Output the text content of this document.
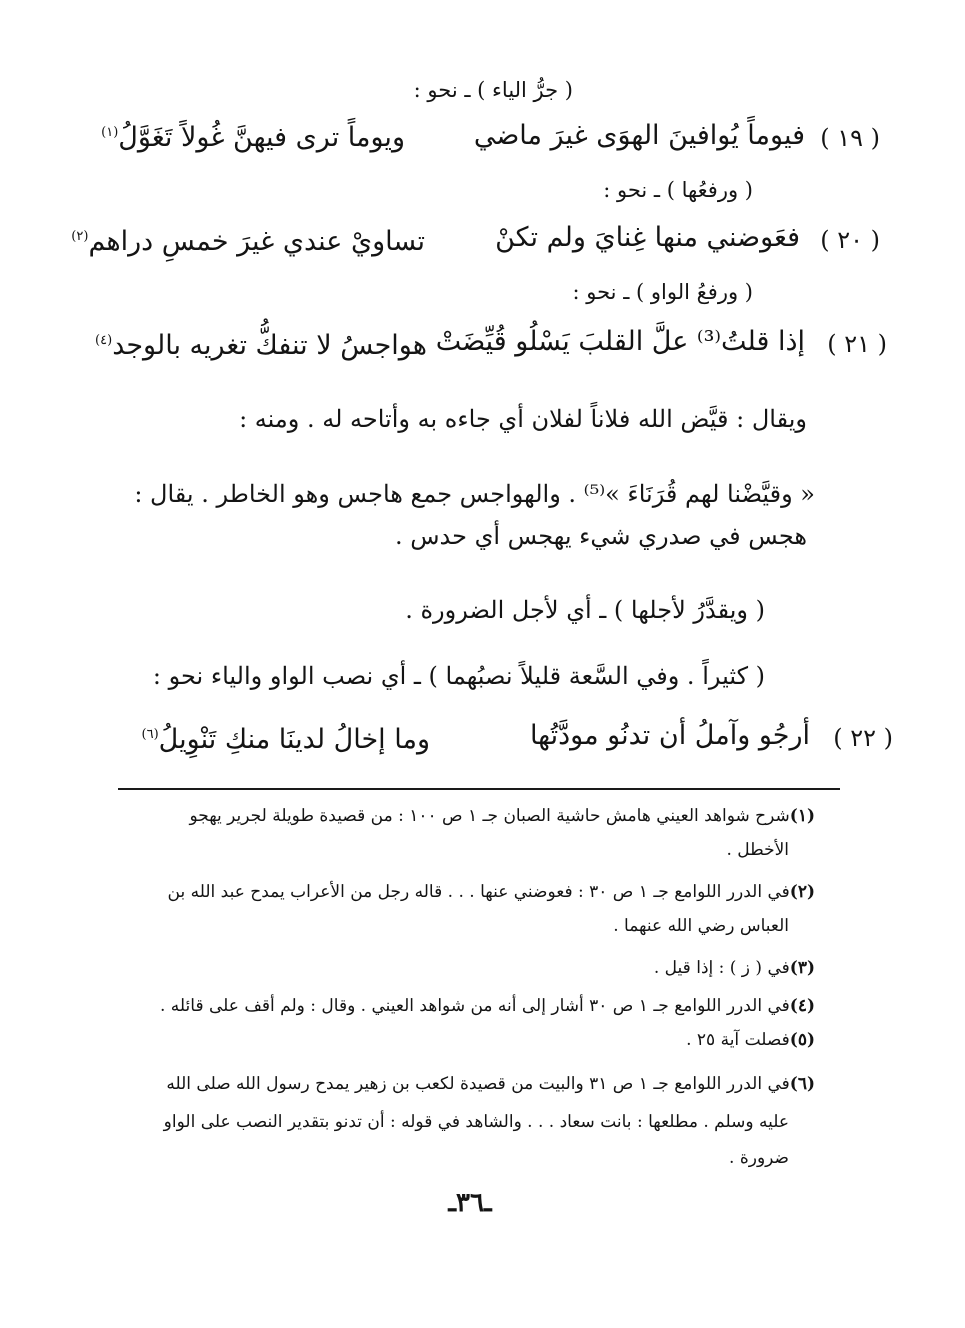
( جرُّ الياء ) ـ نحو :
( ١٩ )
فيوماً يُوافينَ الهوَى غيرَ ماضي
ويوماً ترى فيهنَّ غُولاً تَغَوَّلُ$^{(١)}$
( ورفعُها ) ـ نحو :
( ٢٠ )
فعَوضني منها غِنايَ ولم تكنْ
تساويْ عندي غيرَ خمسِ دراهم$^{(٢)}$
( ورفعُ الواو ) ـ نحو :
( ٢١ )
إذا قلتُ⁽³⁾ علَّ القلبَ يَسْلُو قُيِّضَتْ
هواجسُ لا تنفكُّ تغريه بالوجد$^{(٤)}$
ويقال : قيَّض الله فلاناً لفلان أي جاءه به وأتاحه له . ومنه :
« وقيَّضْنا لهم قُرَنَاءَ »⁽⁵⁾ . والهواجس جمع هاجس وهو الخاطر . يقال :
هجس في صدري شيء يهجس أي حدس .
( ويقدَّرُ لأجلها ) ـ أي لأجل الضرورة .
( كثيراً . وفي السَّعة قليلاً نصبُهما ) ـ أي نصب الواو والياء نحو :
( ٢٢ )
أرجُو وآملُ أن تدنُو مودَّتُها
وما إخالُ لدينَا منكِ تَنْوِيلُ$^{(٦)}$
(١)شرح شواهد العيني هامش حاشية الصبان جـ ١ ص ١٠٠ : من قصيدة طويلة لجرير يهجو
الأخطل .
(٢)في الدرر اللوامع جـ ١ ص ٣٠ : فعوضني عنها . . . قاله رجل من الأعراب يمدح عبد الله بن
العباس رضي الله عنهما .
(٣)في ( ز ) : إذا قيل .
(٤)في الدرر اللوامع جـ ١ ص ٣٠ أشار إلى أنه من شواهد العيني . وقال : ولم أقف على قائله .
(٥)فصلت آية ٢٥ .
(٦)في الدرر اللوامع جـ ١ ص ٣١ والبيت من قصيدة لكعب بن زهير يمدح رسول الله صلى الله
عليه وسلم . مطلعها : بانت سعاد . . . والشاهد في قوله : أن تدنو بتقدير النصب على الواو
ضرورة .
ـ٣٦ـ
